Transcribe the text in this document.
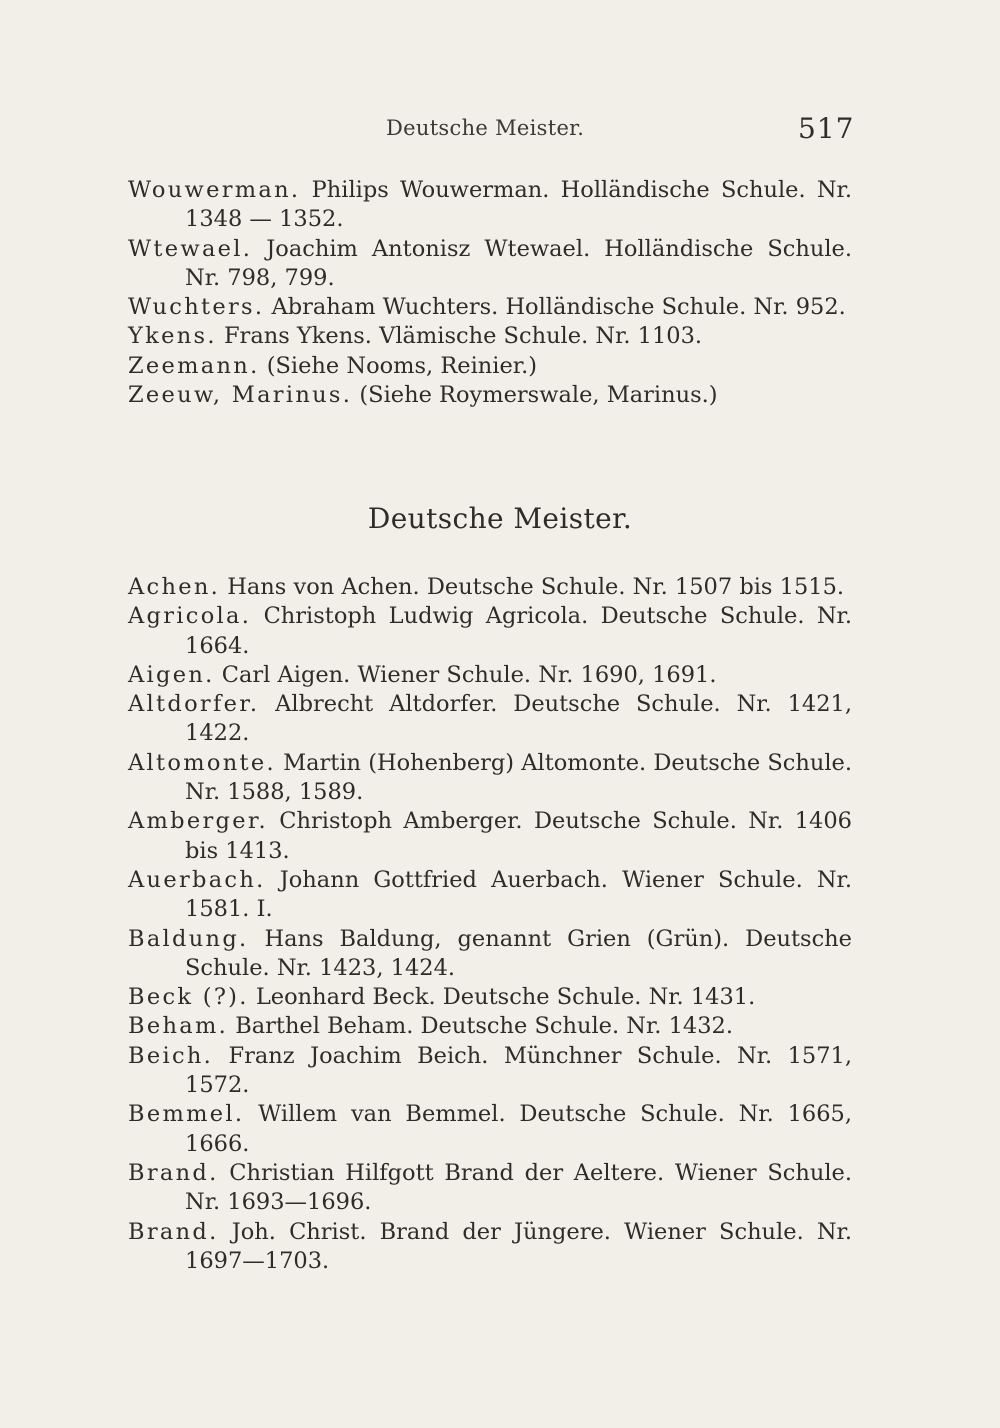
Deutsche Meister.	517
Wouwerman. Philips Wouwerman. Holländische Schule. Nr. 1348 — 1352.
Wtewael. Joachim Antonisz Wtewael. Holländische Schule. Nr. 798, 799.
Wuchters. Abraham Wuchters. Holländische Schule. Nr. 952.
Ykens. Frans Ykens. Vlämische Schule. Nr. 1103.
Zeemann. (Siehe Nooms, Reinier.)
Zeeuw, Marinus. (Siehe Roymerswale, Marinus.)
Deutsche Meister.
Achen. Hans von Achen. Deutsche Schule. Nr. 1507 bis 1515.
Agricola. Christoph Ludwig Agricola. Deutsche Schule. Nr. 1664.
Aigen. Carl Aigen. Wiener Schule. Nr. 1690, 1691.
Altdorfer. Albrecht Altdorfer. Deutsche Schule. Nr. 1421, 1422.
Altomonte. Martin (Hohenberg) Altomonte. Deutsche Schule. Nr. 1588, 1589.
Amberger. Christoph Amberger. Deutsche Schule. Nr. 1406 bis 1413.
Auerbach. Johann Gottfried Auerbach. Wiener Schule. Nr. 1581. I.
Baldung. Hans Baldung, genannt Grien (Grün). Deutsche Schule. Nr. 1423, 1424.
Beck (?). Leonhard Beck. Deutsche Schule. Nr. 1431.
Beham. Barthel Beham. Deutsche Schule. Nr. 1432.
Beich. Franz Joachim Beich. Münchner Schule. Nr. 1571, 1572.
Bemmel. Willem van Bemmel. Deutsche Schule. Nr. 1665, 1666.
Brand. Christian Hilfgott Brand der Aeltere. Wiener Schule. Nr. 1693—1696.
Brand. Joh. Christ. Brand der Jüngere. Wiener Schule. Nr. 1697—1703.
